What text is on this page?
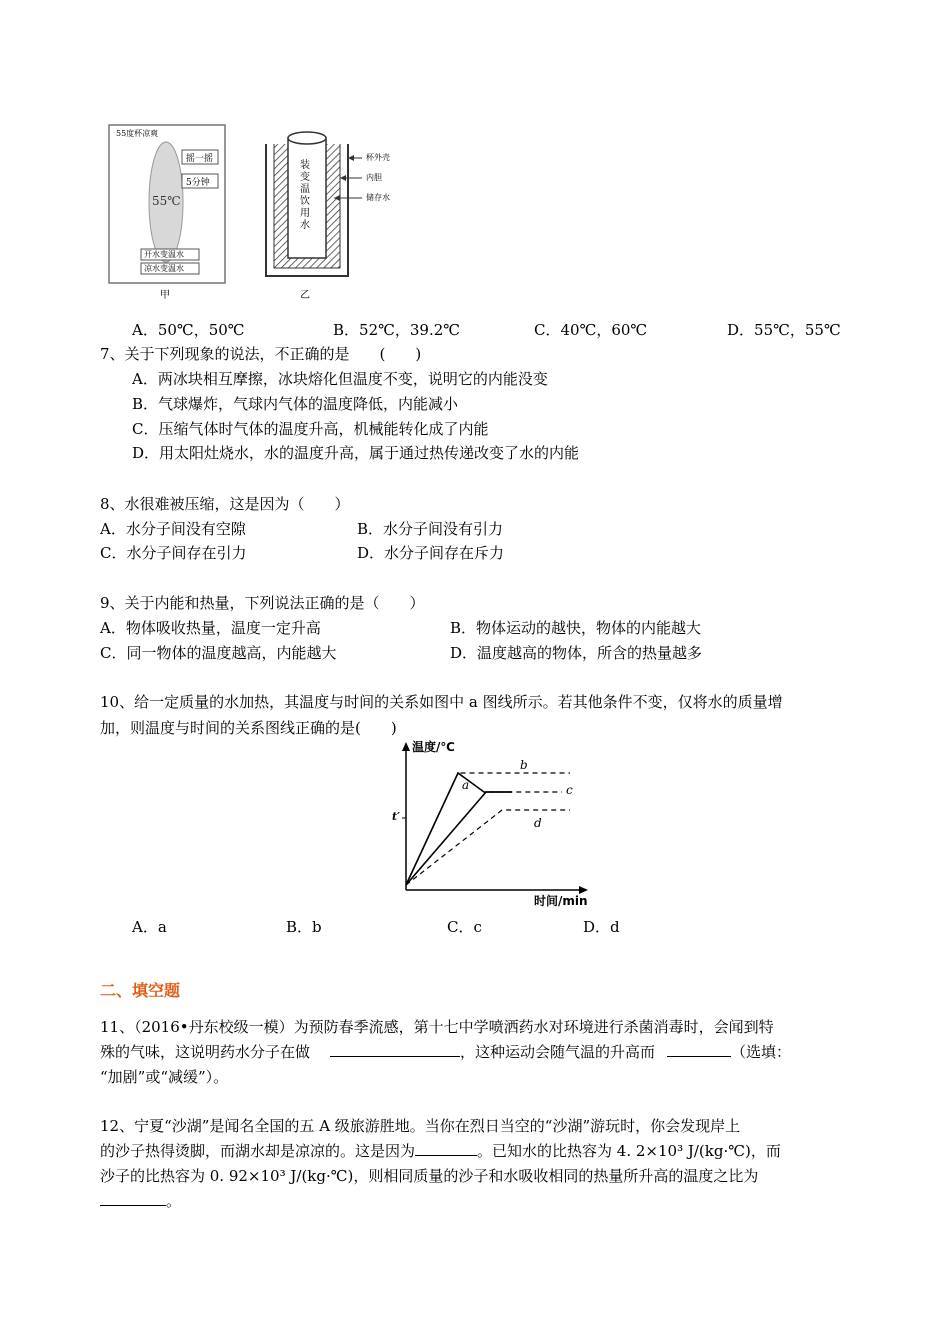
55度杯凉爽
摇一摇
5分钟
55℃
开水变温水
凉水变温水
甲
装变温饮用水
杯外壳
内胆
储存水
乙
A．50℃，50℃	B．52℃，39.2℃	C．40℃，60℃	D．55℃，55℃
7、关于下列现象的说法，不正确的是　　(　　)
A．两冰块相互摩擦，冰块熔化但温度不变，说明它的内能没变
B．气球爆炸，气球内气体的温度降低，内能减小
C．压缩气体时气体的温度升高，机械能转化成了内能
D．用太阳灶烧水，水的温度升高，属于通过热传递改变了水的内能
8、水很难被压缩，这是因为（　　）
A．水分子间没有空隙	B．水分子间没有引力
C．水分子间存在引力	D．水分子间存在斥力
9、关于内能和热量，下列说法正确的是（　　）
A．物体吸收热量，温度一定升高	B．物体运动的越快，物体的内能越大
C．同一物体的温度越高，内能越大	D．温度越高的物体，所含的热量越多
10、给一定质量的水加热，其温度与时间的关系如图中 a 图线所示。若其他条件不变，仅将水的质量增
加，则温度与时间的关系图线正确的是(　　)
温度/℃
时间/min
t′
a
b
c
d
A．a	B．b	C．c	D．d
二、填空题
11、（2016•丹东校级一模）为预防春季流感，第十七中学喷洒药水对环境进行杀菌消毒时，会闻到特
殊的气味，这说明药水分子在做	，这种运动会随气温的升高而	（选填：
“加剧”或“减缓”）。
12、宁夏“沙湖”是闻名全国的五 A 级旅游胜地。当你在烈日当空的“沙湖”游玩时，你会发现岸上
的沙子热得烫脚，而湖水却是凉凉的。这是因为	。已知水的比热容为 4. 2×10³ J/(kg·℃)，而
沙子的比热容为 0. 92×10³ J/(kg·℃)，则相同质量的沙子和水吸收相同的热量所升高的温度之比为
。
